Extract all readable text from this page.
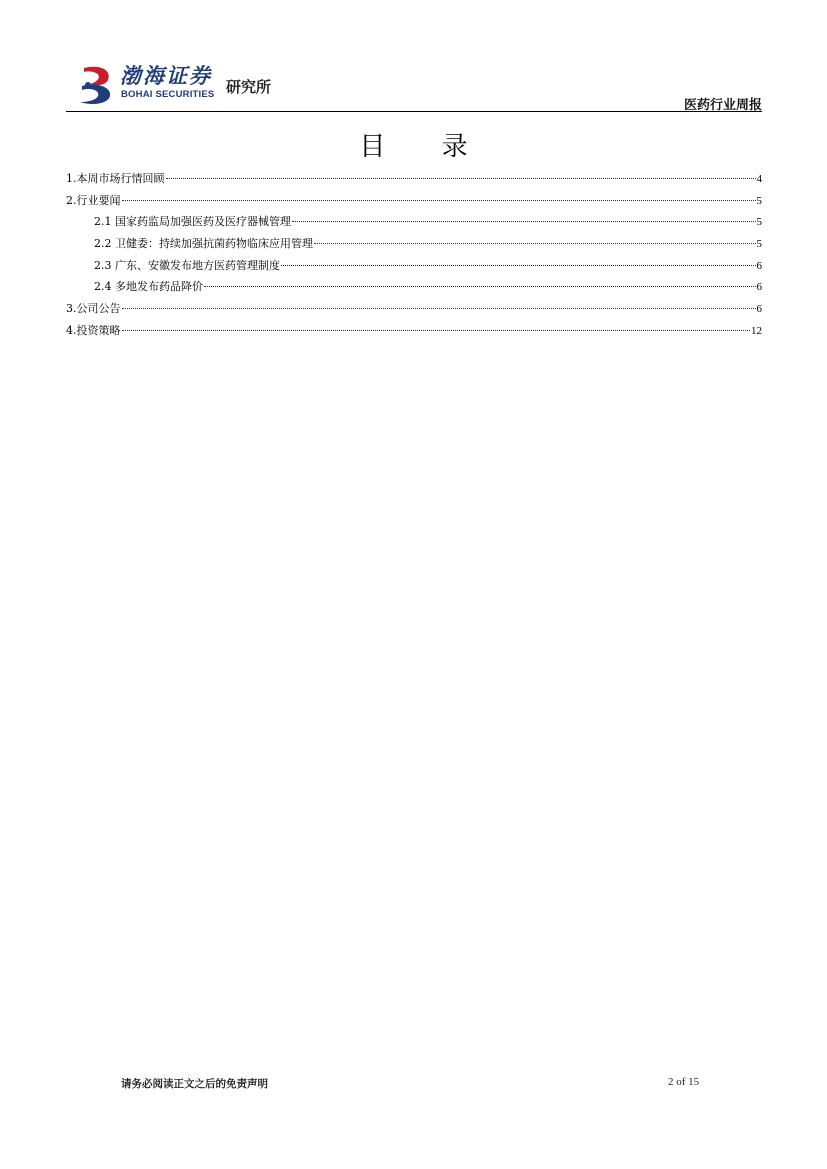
渤海证券
BOHAI SECURITIES 研究所
医药行业周报
目 录
1.本周市场行情回顾	4
2.行业要闻	5
2.1 国家药监局加强医药及医疗器械管理	5
2.2 卫健委：持续加强抗菌药物临床应用管理	5
2.3 广东、安徽发布地方医药管理制度	6
2.4 多地发布药品降价	6
3.公司公告	6
4.投资策略	12
请务必阅读正文之后的免责声明	2 of 15
